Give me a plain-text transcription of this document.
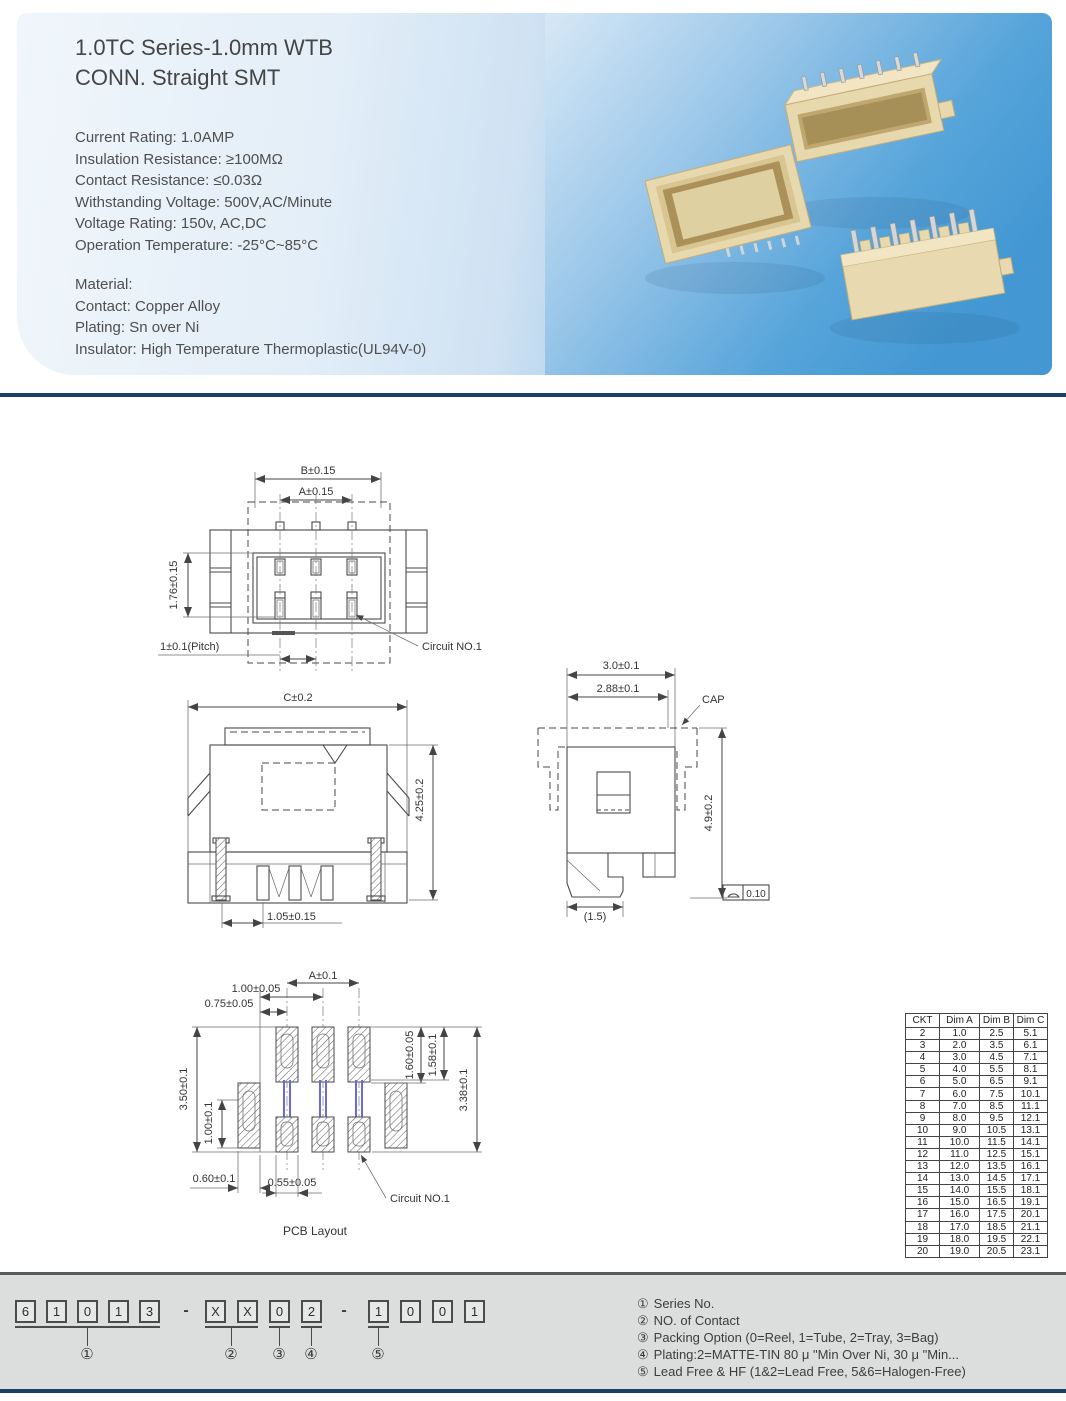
1.0TC Series-1.0mm WTB
CONN. Straight SMT
Current Rating: 1.0AMP
Insulation Resistance: ≥100MΩ
Contact Resistance: ≤0.03Ω
Withstanding Voltage: 500V,AC/Minute
Voltage Rating: 150v, AC,DC
Operation Temperature: -25°C~85°C
Material:
Contact: Copper Alloy
Plating: Sn over Ni
Insulator: High Temperature Thermoplastic(UL94V-0)
B±0.15
A±0.15
1.76±0.15
1±0.1(Pitch)	Circuit NO.1
C±0.2
4.25±0.2
1.05±0.15
3.0±0.1
2.88±0.1
CAP
4.9±0.2
(1.5)
0.10
A±0.1
1.00±0.05
0.75±0.05
3.50±0.1
1.00±0.1
1.60±0.05 1.58±0.1
3.38±0.1
0.60±0.1	0.55±0.05
Circuit NO.1
PCB Layout
CKT	Dim A	Dim B	Dim C
2	1.0	2.5	5.1
3	2.0	3.5	6.1
4	3.0	4.5	7.1
5	4.0	5.5	8.1
6	5.0	6.5	9.1
7	6.0	7.5	10.1
8	7.0	8.5	11.1
9	8.0	9.5	12.1
10	9.0	10.5	13.1
11	10.0	11.5	14.1
12	11.0	12.5	15.1
13	12.0	13.5	16.1
14	13.0	14.5	17.1
15	14.0	15.5	18.1
16	15.0	16.5	19.1
17	16.0	17.5	20.1
18	17.0	18.5	21.1
19	18.0	19.5	22.1
20	19.0	20.5	23.1
6	1	0	1	3	-	X	X	0	2	-	1	0	0	1
①	② ③ ④	⑤
① Series No.
② NO. of Contact
③ Packing Option (0=Reel, 1=Tube, 2=Tray, 3=Bag)
④ Plating:2=MATTE-TIN 80 μ "Min Over Ni, 30 μ "Min...
⑤ Lead Free & HF (1&2=Lead Free, 5&6=Halogen-Free)
